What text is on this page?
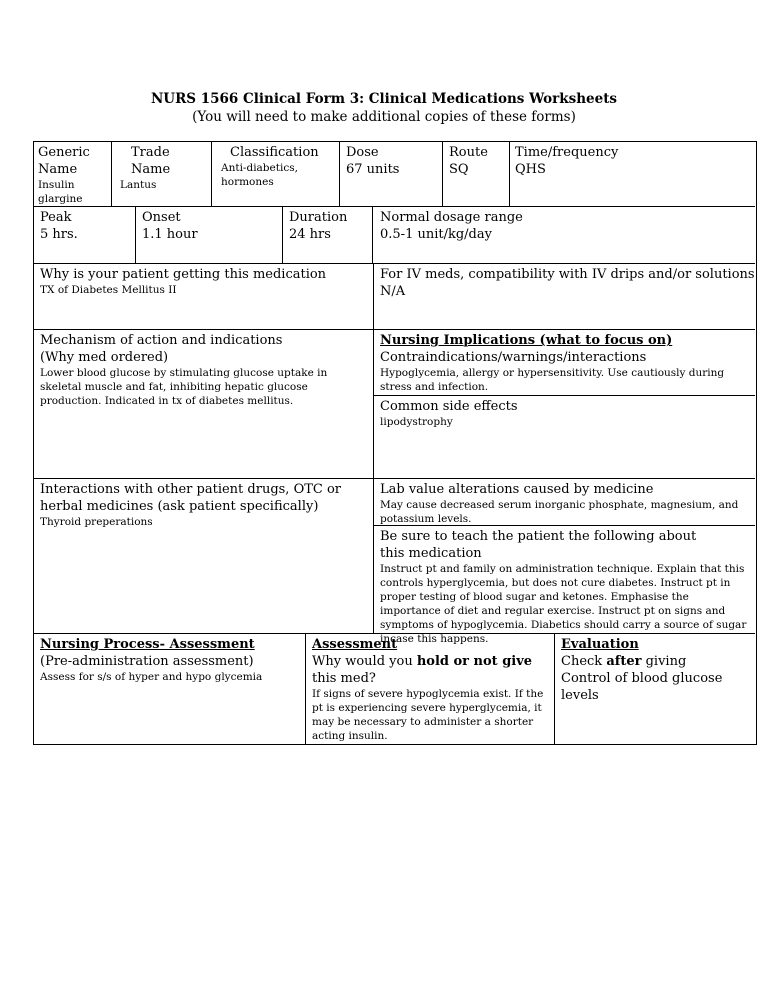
NURS 1566 Clinical Form 3: Clinical Medications Worksheets
(You will need to make additional copies of these forms)
Generic Name
Insulin glargine
Trade Name
Lantus
Classification
Anti-diabetics, hormones
Dose
67 units
Route
SQ
Time/frequency
QHS
Peak
5 hrs.
Onset
1.1 hour
Duration
24 hrs
Normal dosage range
0.5-1 unit/kg/day
Why is your patient getting this medication
TX of Diabetes Mellitus II
For IV meds, compatibility with IV drips and/or solutions
N/A
Mechanism of action and indications
(Why med ordered)
Lower blood glucose by stimulating glucose uptake in skeletal muscle and fat, inhibiting hepatic glucose production. Indicated in tx of diabetes mellitus.
Nursing Implications (what to focus on)
Contraindications/warnings/interactions
Hypoglycemia, allergy or hypersensitivity. Use cautiously during stress and infection.
Common side effects
lipodystrophy
Interactions with other patient drugs, OTC or herbal medicines (ask patient specifically)
Thyroid preperations
Lab value alterations caused by medicine
May cause decreased serum inorganic phosphate, magnesium, and potassium levels.
Be sure to teach the patient the following about this medication
Instruct pt and family on administration technique. Explain that this controls hyperglycemia, but does not cure diabetes. Instruct pt in proper testing of blood sugar and ketones. Emphasise the importance of diet and regular exercise. Instruct pt on signs and symptoms of hypoglycemia. Diabetics should carry a source of sugar incase this happens.
Nursing Process- Assessment
(Pre-administration assessment)
Assess for s/s of hyper and hypo glycemia
Assessment
Why would you hold or not give this med?
If signs of severe hypoglycemia exist. If the pt is experiencing severe hyperglycemia, it may be necessary to administer a shorter acting insulin.
Evaluation
Check after giving
Control of blood glucose levels
